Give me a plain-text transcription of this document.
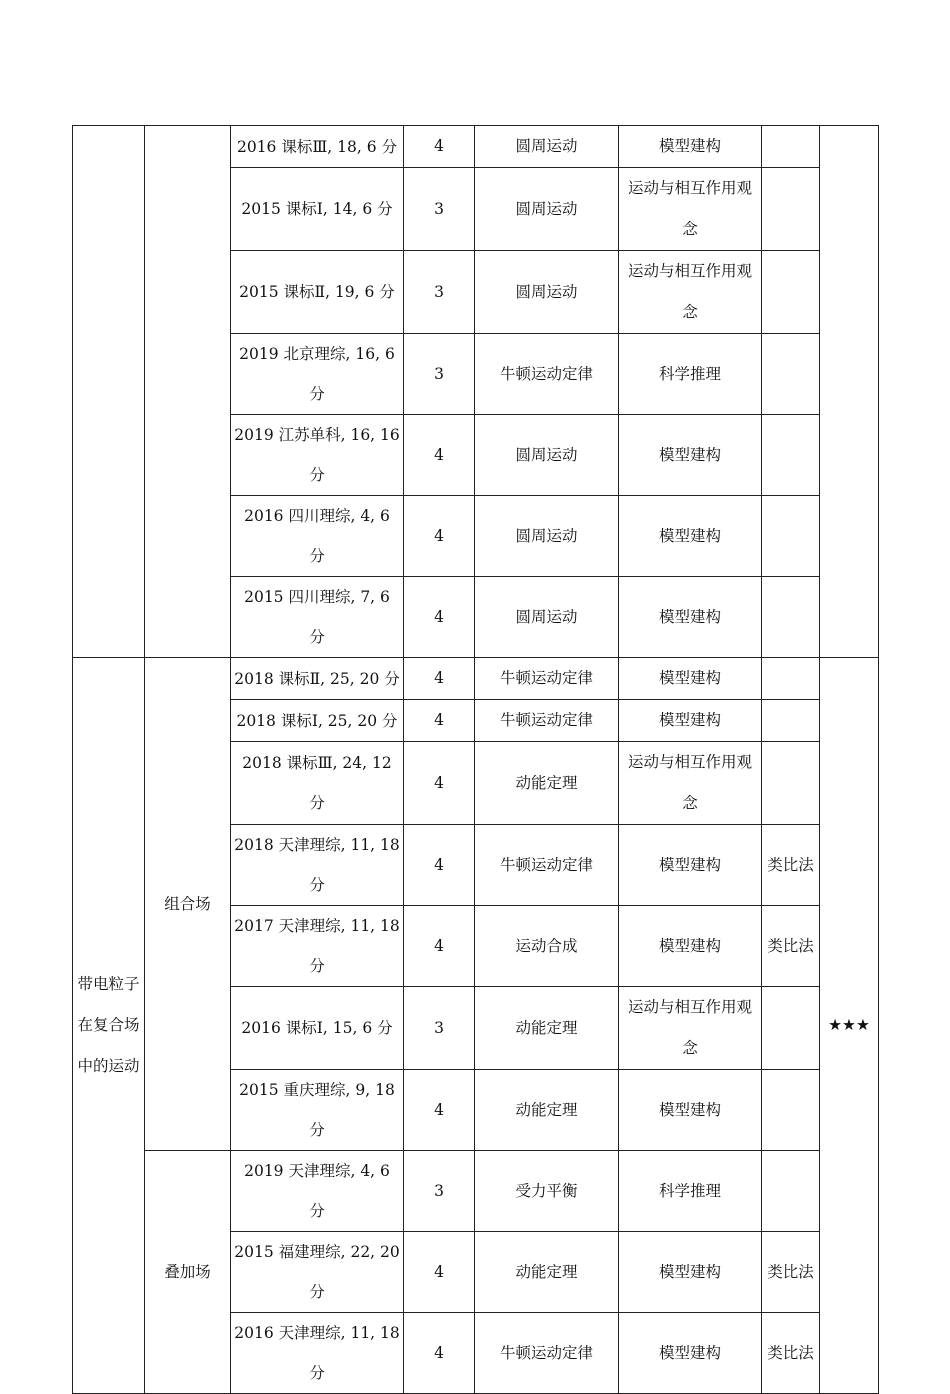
		2016 课标Ⅲ, 18, 6 分	4	圆周运动	模型建构		
		2015 课标Ⅰ, 14, 6 分	3	圆周运动	运动与相互作用观念		
		2015 课标Ⅱ, 19, 6 分	3	圆周运动	运动与相互作用观念		
		2019 北京理综, 16, 6 分	3	牛顿运动定律	科学推理		
		2019 江苏单科, 16, 16 分	4	圆周运动	模型建构		
		2016 四川理综, 4, 6 分	4	圆周运动	模型建构		
		2015 四川理综, 7, 6 分	4	圆周运动	模型建构		
带电粒子在复合场中的运动	组合场	2018 课标Ⅱ, 25, 20 分	4	牛顿运动定律	模型建构		★★★
		2018 课标Ⅰ, 25, 20 分	4	牛顿运动定律	模型建构		
		2018 课标Ⅲ, 24, 12 分	4	动能定理	运动与相互作用观念		
		2018 天津理综, 11, 18 分	4	牛顿运动定律	模型建构	类比法	
		2017 天津理综, 11, 18 分	4	运动合成	模型建构	类比法	
		2016 课标Ⅰ, 15, 6 分	3	动能定理	运动与相互作用观念		
		2015 重庆理综, 9, 18 分	4	动能定理	模型建构		
	叠加场	2019 天津理综, 4, 6 分	3	受力平衡	科学推理		
		2015 福建理综, 22, 20 分	4	动能定理	模型建构	类比法	
		2016 天津理综, 11, 18 分	4	牛顿运动定律	模型建构	类比法	
